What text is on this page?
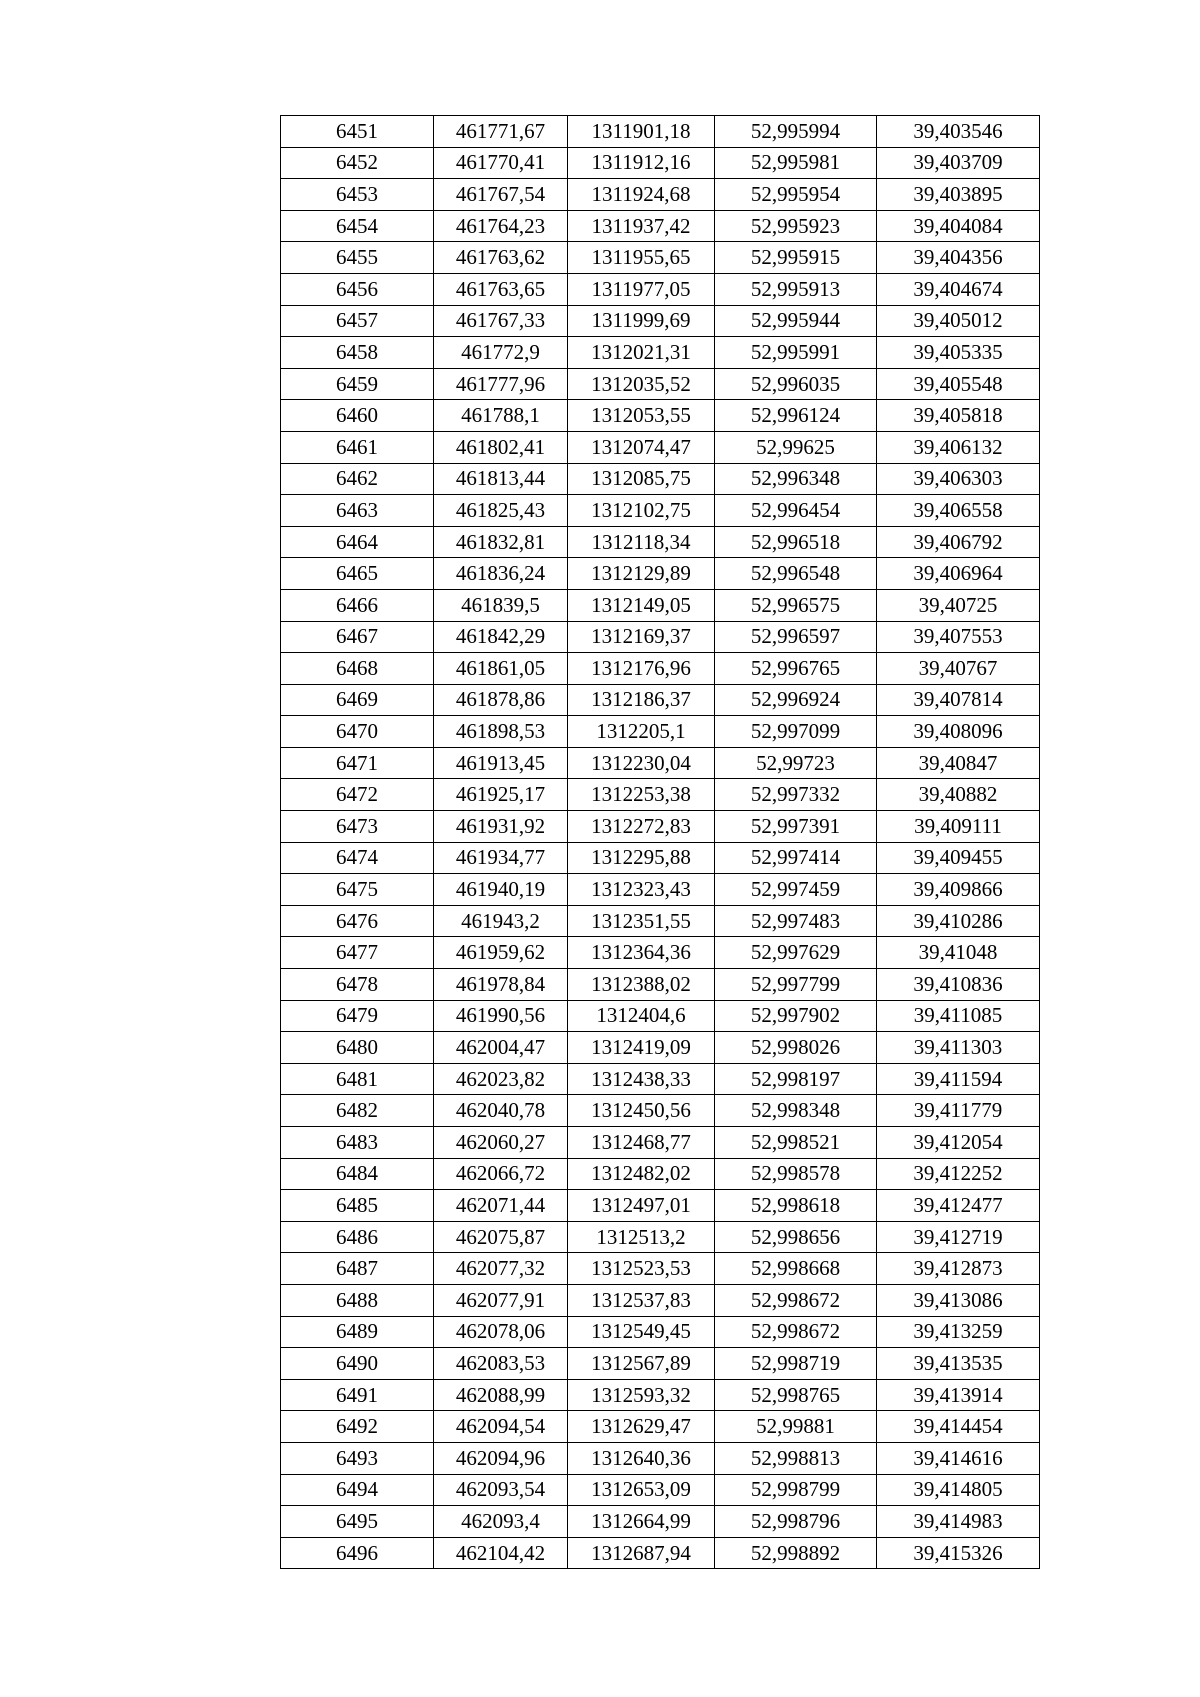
6451	461771,67	1311901,18	52,995994	39,403546
6452	461770,41	1311912,16	52,995981	39,403709
6453	461767,54	1311924,68	52,995954	39,403895
6454	461764,23	1311937,42	52,995923	39,404084
6455	461763,62	1311955,65	52,995915	39,404356
6456	461763,65	1311977,05	52,995913	39,404674
6457	461767,33	1311999,69	52,995944	39,405012
6458	461772,9	1312021,31	52,995991	39,405335
6459	461777,96	1312035,52	52,996035	39,405548
6460	461788,1	1312053,55	52,996124	39,405818
6461	461802,41	1312074,47	52,99625	39,406132
6462	461813,44	1312085,75	52,996348	39,406303
6463	461825,43	1312102,75	52,996454	39,406558
6464	461832,81	1312118,34	52,996518	39,406792
6465	461836,24	1312129,89	52,996548	39,406964
6466	461839,5	1312149,05	52,996575	39,40725
6467	461842,29	1312169,37	52,996597	39,407553
6468	461861,05	1312176,96	52,996765	39,40767
6469	461878,86	1312186,37	52,996924	39,407814
6470	461898,53	1312205,1	52,997099	39,408096
6471	461913,45	1312230,04	52,99723	39,40847
6472	461925,17	1312253,38	52,997332	39,40882
6473	461931,92	1312272,83	52,997391	39,409111
6474	461934,77	1312295,88	52,997414	39,409455
6475	461940,19	1312323,43	52,997459	39,409866
6476	461943,2	1312351,55	52,997483	39,410286
6477	461959,62	1312364,36	52,997629	39,41048
6478	461978,84	1312388,02	52,997799	39,410836
6479	461990,56	1312404,6	52,997902	39,411085
6480	462004,47	1312419,09	52,998026	39,411303
6481	462023,82	1312438,33	52,998197	39,411594
6482	462040,78	1312450,56	52,998348	39,411779
6483	462060,27	1312468,77	52,998521	39,412054
6484	462066,72	1312482,02	52,998578	39,412252
6485	462071,44	1312497,01	52,998618	39,412477
6486	462075,87	1312513,2	52,998656	39,412719
6487	462077,32	1312523,53	52,998668	39,412873
6488	462077,91	1312537,83	52,998672	39,413086
6489	462078,06	1312549,45	52,998672	39,413259
6490	462083,53	1312567,89	52,998719	39,413535
6491	462088,99	1312593,32	52,998765	39,413914
6492	462094,54	1312629,47	52,99881	39,414454
6493	462094,96	1312640,36	52,998813	39,414616
6494	462093,54	1312653,09	52,998799	39,414805
6495	462093,4	1312664,99	52,998796	39,414983
6496	462104,42	1312687,94	52,998892	39,415326
